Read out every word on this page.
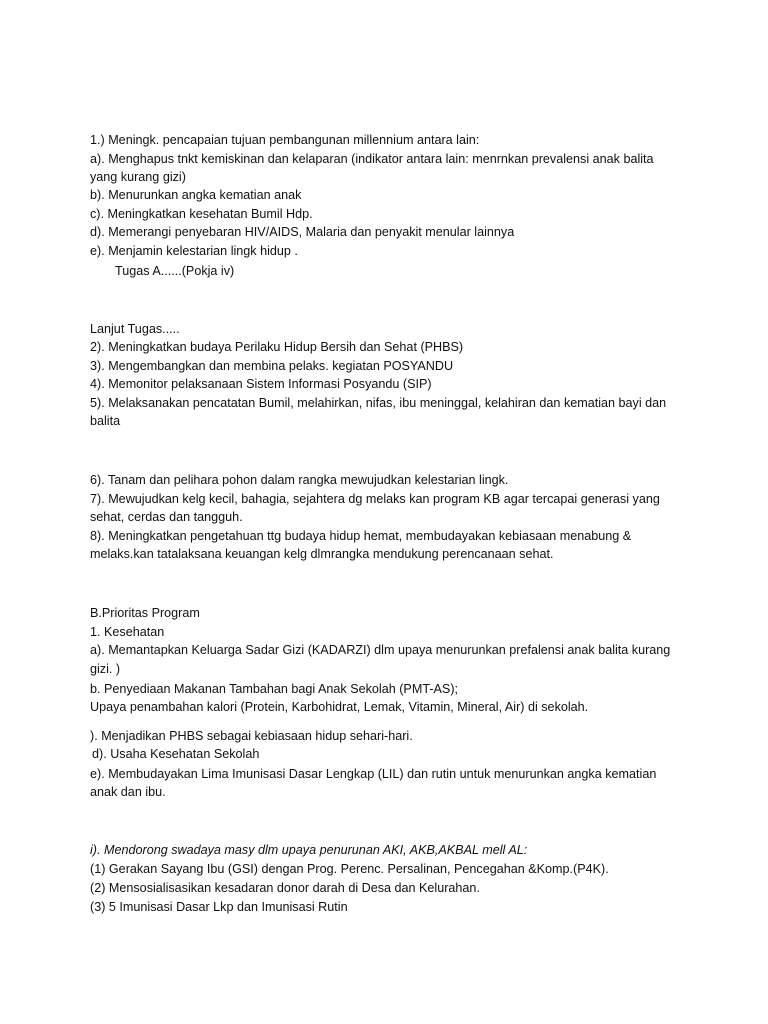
1.) Meningk. pencapaian tujuan pembangunan millennium antara lain:
a). Menghapus tnkt kemiskinan dan kelaparan (indikator antara lain: menrnkan prevalensi anak balita
yang kurang gizi)
b). Menurunkan angka kematian anak
c). Meningkatkan kesehatan Bumil Hdp.
d). Memerangi penyebaran HIV/AIDS, Malaria dan penyakit menular lainnya
e). Menjamin kelestarian lingk hidup .
Tugas A......(Pokja iv)
Lanjut Tugas.....
2). Meningkatkan budaya Perilaku Hidup Bersih dan Sehat (PHBS)
3). Mengembangkan dan membina pelaks. kegiatan POSYANDU
4). Memonitor pelaksanaan Sistem Informasi Posyandu (SIP)
5). Melaksanakan pencatatan Bumil, melahirkan, nifas, ibu meninggal, kelahiran dan kematian bayi dan
balita
6). Tanam dan pelihara pohon dalam rangka mewujudkan kelestarian lingk.
7). Mewujudkan kelg kecil, bahagia, sejahtera dg melaks kan program KB agar tercapai generasi yang
sehat, cerdas dan tangguh.
8). Meningkatkan pengetahuan ttg budaya hidup hemat, membudayakan kebiasaan menabung &
melaks.kan tatalaksana keuangan kelg dlmrangka mendukung perencanaan sehat.
B.Prioritas Program
1. Kesehatan
a). Memantapkan Keluarga Sadar Gizi (KADARZI) dlm upaya menurunkan prefalensi anak balita kurang
gizi. )
b. Penyediaan Makanan Tambahan bagi Anak Sekolah (PMT-AS);
Upaya penambahan kalori (Protein, Karbohidrat, Lemak, Vitamin, Mineral, Air) di sekolah.
). Menjadikan PHBS sebagai kebiasaan hidup sehari-hari.
d). Usaha Kesehatan Sekolah
e). Membudayakan Lima Imunisasi Dasar Lengkap (LIL) dan rutin untuk menurunkan angka kematian
anak dan ibu.
i). Mendorong swadaya masy dlm upaya penurunan AKI, AKB,AKBAL mell AL:
(1) Gerakan Sayang Ibu (GSI) dengan Prog. Perenc. Persalinan, Pencegahan &Komp.(P4K).
(2) Mensosialisasikan kesadaran donor darah di Desa dan Kelurahan.
(3) 5 Imunisasi Dasar Lkp dan Imunisasi Rutin
